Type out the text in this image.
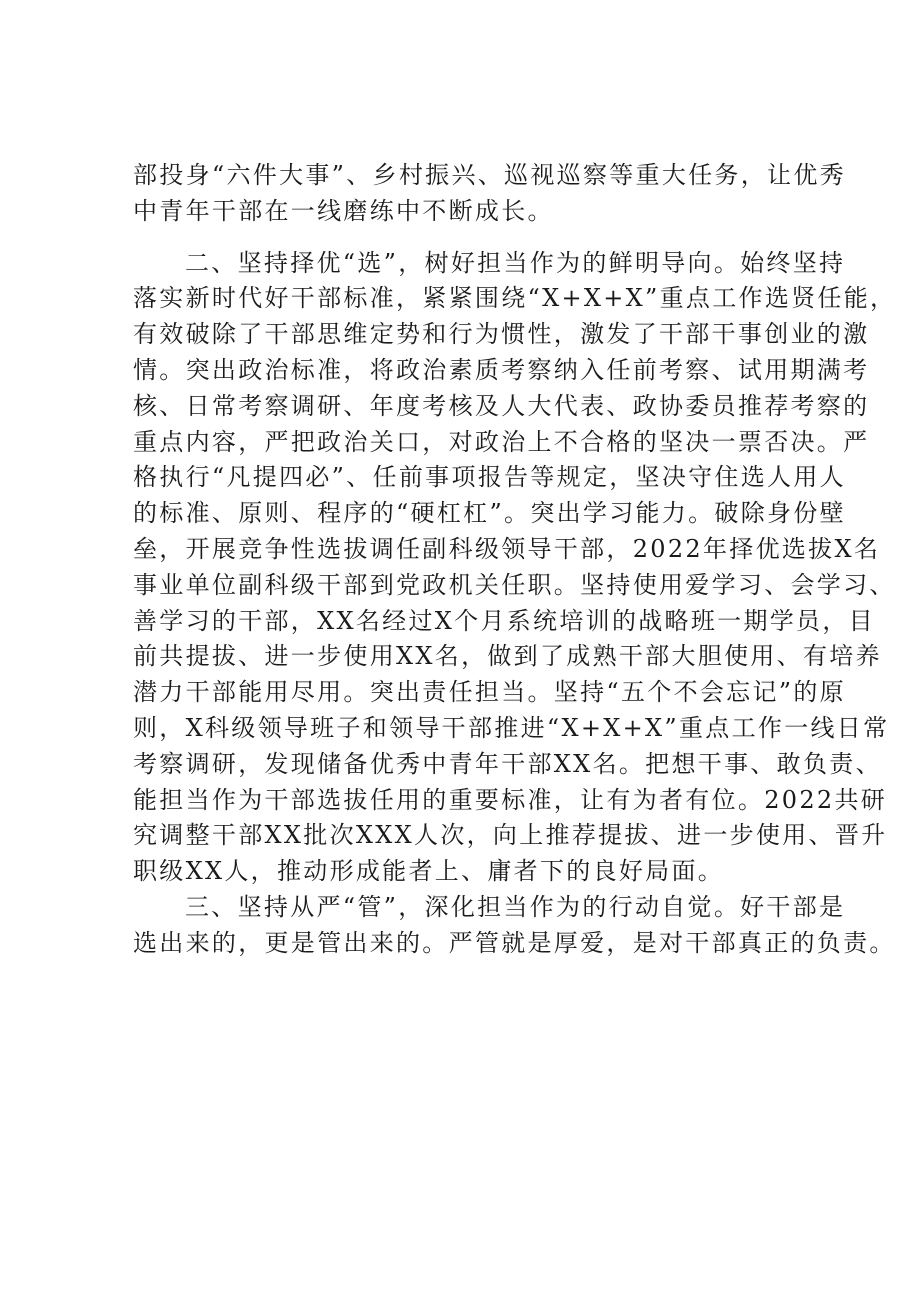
部投身“六件大事”、乡村振兴、巡视巡察等重大任务，让优秀
中青年干部在一线磨练中不断成长。
二、坚持择优“选”，树好担当作为的鲜明导向。始终坚持
落实新时代好干部标准，紧紧围绕“X+X+X”重点工作选贤任能，
有效破除了干部思维定势和行为惯性，激发了干部干事创业的激
情。突出政治标准，将政治素质考察纳入任前考察、试用期满考
核、日常考察调研、年度考核及人大代表、政协委员推荐考察的
重点内容，严把政治关口，对政治上不合格的坚决一票否决。严
格执行“凡提四必”、任前事项报告等规定，坚决守住选人用人
的标准、原则、程序的“硬杠杠”。突出学习能力。破除身份壁
垒，开展竞争性选拔调任副科级领导干部，2022年择优选拔X名
事业单位副科级干部到党政机关任职。坚持使用爱学习、会学习、
善学习的干部，XX名经过X个月系统培训的战略班一期学员，目
前共提拔、进一步使用XX名，做到了成熟干部大胆使用、有培养
潜力干部能用尽用。突出责任担当。坚持“五个不会忘记”的原
则，X科级领导班子和领导干部推进“X+X+X”重点工作一线日常
考察调研，发现储备优秀中青年干部XX名。把想干事、敢负责、
能担当作为干部选拔任用的重要标准，让有为者有位。2022共研
究调整干部XX批次XXX人次，向上推荐提拔、进一步使用、晋升
职级XX人，推动形成能者上、庸者下的良好局面。
三、坚持从严“管”，深化担当作为的行动自觉。好干部是
选出来的，更是管出来的。严管就是厚爱，是对干部真正的负责。
